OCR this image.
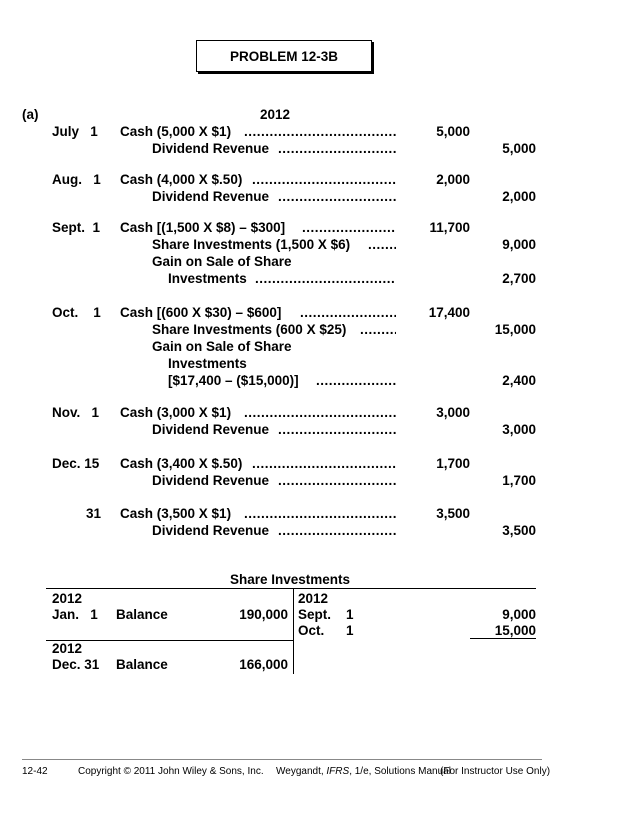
PROBLEM 12-3B
(a)	2012
July   1 Cash (5,000 X $1) .....	5,000
Dividend Revenue .....	5,000
Aug.   1 Cash (4,000 X $.50) .....	2,000
Dividend Revenue .....	2,000
Sept.  1 Cash [(1,500 X $8) – $300] .....	11,700
Share Investments (1,500 X $6) .....	9,000
Gain on Sale of Share
Investments .....	2,700
Oct.    1 Cash [(600 X $30) – $600] .....	17,400
Share Investments (600 X $25) .....	15,000
Gain on Sale of Share
Investments
[$17,400 – ($15,000)] .....	2,400
Nov.   1 Cash (3,000 X $1) .....	3,000
Dividend Revenue .....	3,000
Dec. 15 Cash (3,400 X $.50) .....	1,700
Dividend Revenue .....	1,700
31 Cash (3,500 X $1) .....	3,500
Dividend Revenue .....	3,500
Share Investments
2012
Jan.   1 Balance	190,000
2012
Dec. 31 Balance	166,000
2012
Sept. 1	9,000
Oct. 1	15,000
12-42	Copyright © 2011 John Wiley & Sons, Inc. Weygandt, IFRS, 1/e, Solutions Manual
(For Instructor Use Only)
